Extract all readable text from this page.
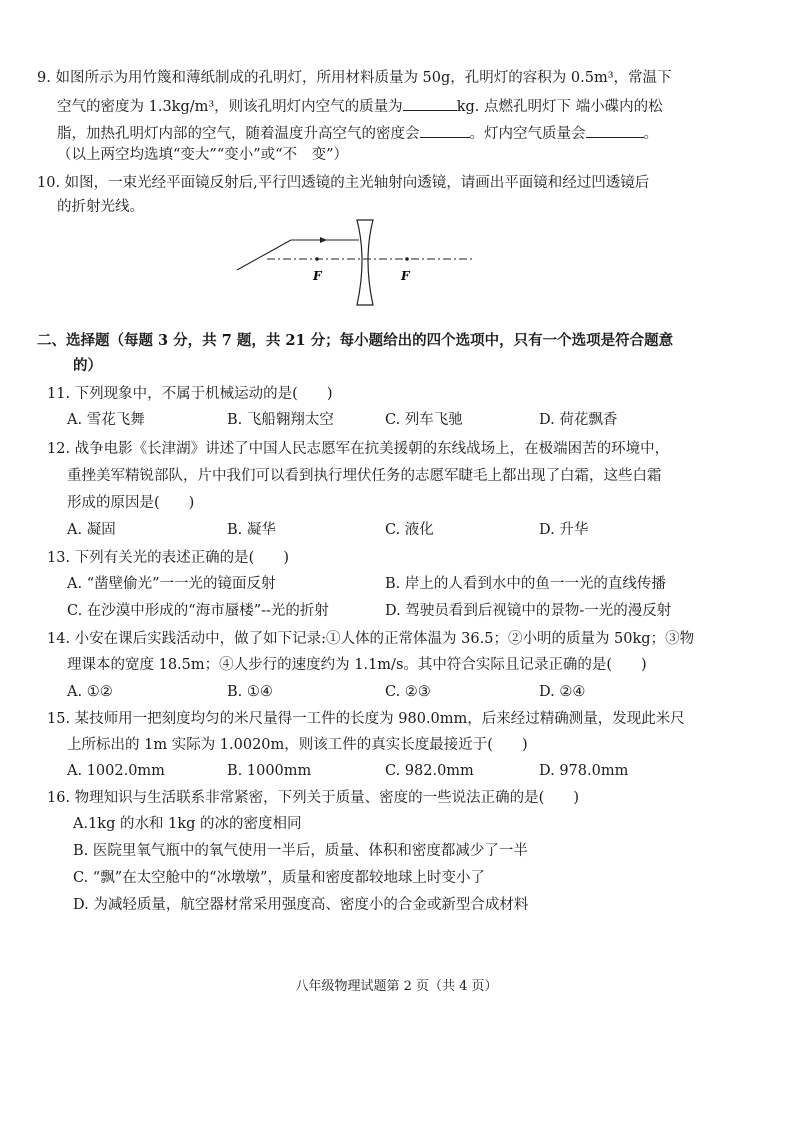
9. 如图所示为用竹篾和薄纸制成的孔明灯，所用材料质量为 50g，孔明灯的容积为 0.5m³，常温下
空气的密度为 1.3kg/m³，则该孔明灯内空气的质量为	kg. 点燃孔明灯下 端小碟内的松
脂，加热孔明灯内部的空气，随着温度升高空气的密度会	。灯内空气质量会	。
（以上两空均选填“变大”“变小”或“不　变”）
10. 如图，一束光经平面镜反射后,平行凹透镜的主光轴射向透镜，请画出平面镜和经过凹透镜后
的折射光线。
F	F
二、选择题（每题 3 分，共 7 题，共 21 分；每小题给出的四个选项中，只有一个选项是符合题意
的）
11. 下列现象中，不属于机械运动的是(　　)
A. 雪花飞舞	B. 飞船翱翔太空	C. 列车飞驰	D. 荷花飘香
12. 战争电影《长津湖》讲述了中国人民志愿军在抗美援朝的东线战场上，在极端困苦的环境中，
重挫美军精锐部队，片中我们可以看到执行埋伏任务的志愿军睫毛上都出现了白霜，这些白霜
形成的原因是(　　)
A. 凝固	B. 凝华	C. 液化	D. 升华
13. 下列有关光的表述正确的是(　　)
A. “凿壁偷光”一一光的镜面反射	B. 岸上的人看到水中的鱼一一光的直线传播
C. 在沙漠中形成的“海市蜃楼”--光的折射	D. 驾驶员看到后视镜中的景物-一光的漫反射
14. 小安在课后实践活动中，做了如下记录:①人体的正常体温为 36.5；②小明的质量为 50kg；③物
理课本的宽度 18.5m；④人步行的速度约为 1.1m/s。其中符合实际且记录正确的是(　　)
A. ①②	B. ①④	C. ②③	D. ②④
15. 某技师用一把刻度均匀的米尺量得一工件的长度为 980.0mm，后来经过精确测量，发现此米尺
上所标出的 1m 实际为 1.0020m，则该工件的真实长度最接近于(　　)
A. 1002.0mm	B. 1000mm	C. 982.0mm	D. 978.0mm
16. 物理知识与生活联系非常紧密，下列关于质量、密度的一些说法正确的是(　　)
A.1kg 的水和 1kg 的冰的密度相同
B. 医院里氧气瓶中的氧气使用一半后，质量、体积和密度都减少了一半
C. “飘”在太空舱中的“冰墩墩”，质量和密度都较地球上时变小了
D. 为减轻质量，航空器材常采用强度高、密度小的合金或新型合成材料
八年级物理试题第 2 页（共 4 页）
